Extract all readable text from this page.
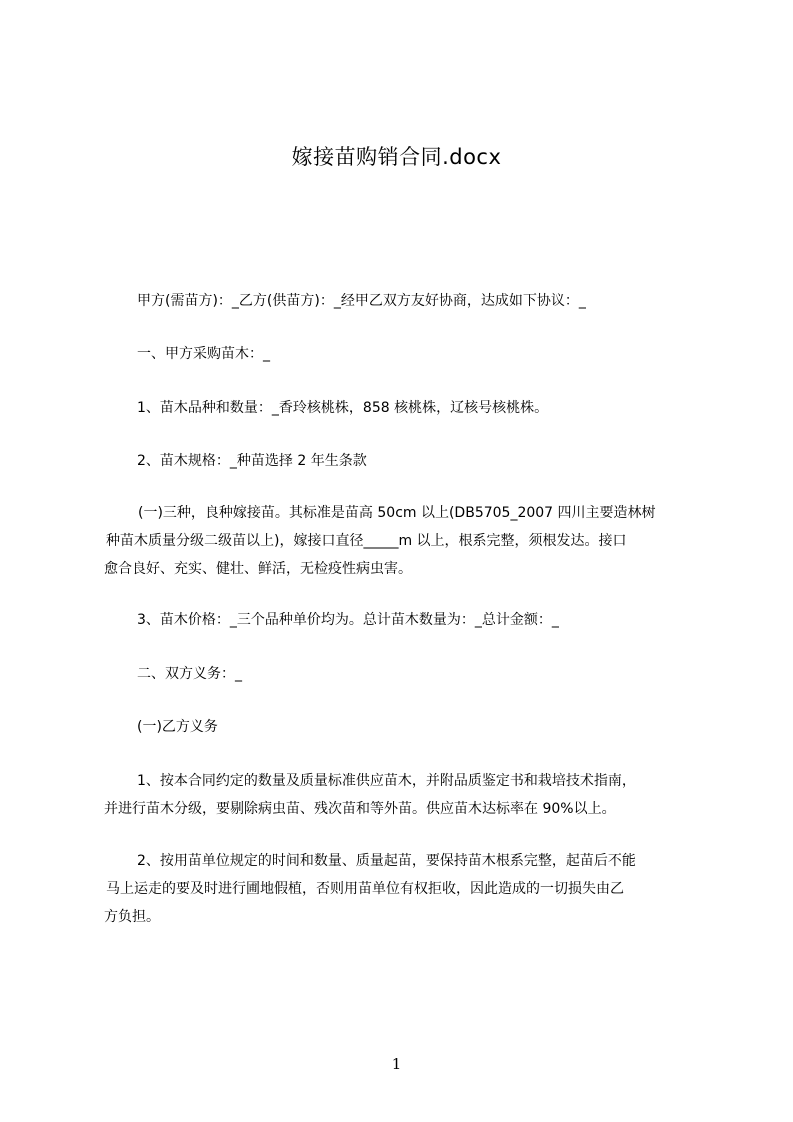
嫁接苗购销合同.docx
甲方(需苗方)：_乙方(供苗方)：_经甲乙双方友好协商，达成如下协议：_
一、甲方采购苗木：_
1、苗木品种和数量：_香玲核桃株，858 核桃株，辽核号核桃株。
2、苗木规格：_种苗选择 2 年生条款
(一)三种，良种嫁接苗。其标准是苗高 50cm 以上(DB5705_2007 四川主要造林树
种苗木质量分级二级苗以上)，嫁接口直径_____m 以上，根系完整，须根发达。接口
愈合良好、充实、健壮、鲜活，无检疫性病虫害。
3、苗木价格：_三个品种单价均为。总计苗木数量为：_总计金额：_
二、双方义务：_
(一)乙方义务
1、按本合同约定的数量及质量标准供应苗木，并附品质鉴定书和栽培技术指南，
并进行苗木分级，要剔除病虫苗、残次苗和等外苗。供应苗木达标率在 90%以上。
2、按用苗单位规定的时间和数量、质量起苗，要保持苗木根系完整，起苗后不能
马上运走的要及时进行圃地假植，否则用苗单位有权拒收，因此造成的一切损失由乙
方负担。
1
